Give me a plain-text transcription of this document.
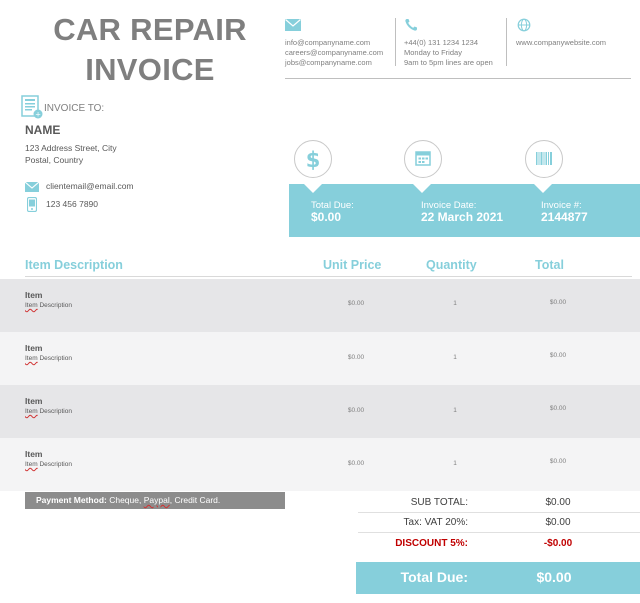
CAR REPAIR
INVOICE
info@companyname.com
careers@companyname.com
jobs@companyname.com
+44(0) 131 1234 1234
Monday to Friday
9am to 5pm lines are open
www.companywebsite.com
+
INVOICE TO:
NAME
123 Address Street, City
Postal, Country
clientemail@email.com
123 456 7890
$
Total Due:
$0.00
Invoice Date:
22 March 2021
Invoice #:
2144877
Item Description	Unit Price	Quantity	Total
Item
Item Description	$0.00	1	$0.00
Item
Item Description	$0.00	1	$0.00
Item
Item Description	$0.00	1	$0.00
Item
Item Description	$0.00	1	$0.00
Payment Method: Cheque, Paypal, Credit Card.	SUB TOTAL:	$0.00
Tax: VAT 20%:	$0.00
DISCOUNT 5%:	-$0.00
Total Due:	$0.00
